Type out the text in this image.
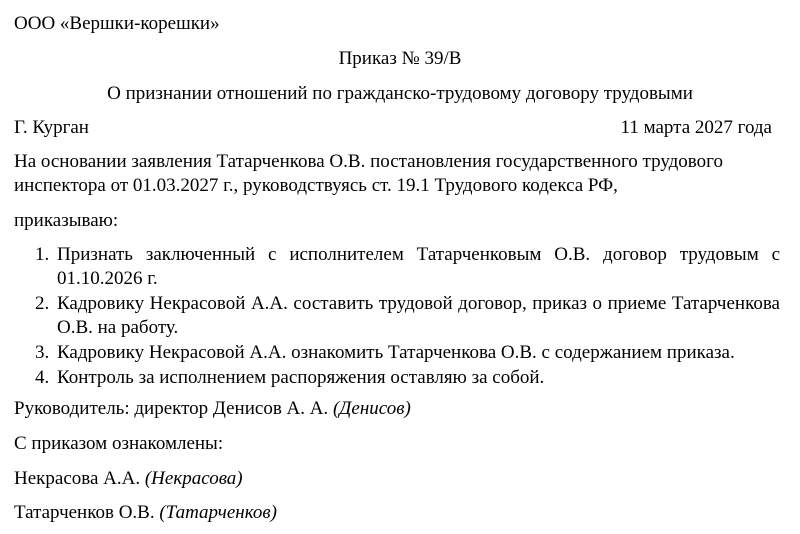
ООО «Вершки-корешки»
Приказ № 39/В
О признании отношений по гражданско-трудовому договору трудовыми
Г. Курган	11 марта 2027 года
На основании заявления Татарченкова О.В. постановления государственного трудового
инспектора от 01.03.2027 г., руководствуясь ст. 19.1 Трудового кодекса РФ,
приказываю:
1. Признать заключенный с исполнителем Татарченковым О.В. договор трудовым с 01.10.2026 г.
2. Кадровику Некрасовой А.А. составить трудовой договор, приказ о приеме Татарченкова О.В. на работу.
3. Кадровику Некрасовой А.А. ознакомить Татарченкова О.В. с содержанием приказа.
4. Контроль за исполнением распоряжения оставляю за собой.
Руководитель: директор Денисов А. А. (Денисов)
С приказом ознакомлены:
Некрасова А.А. (Некрасова)
Татарченков О.В. (Татарченков)
